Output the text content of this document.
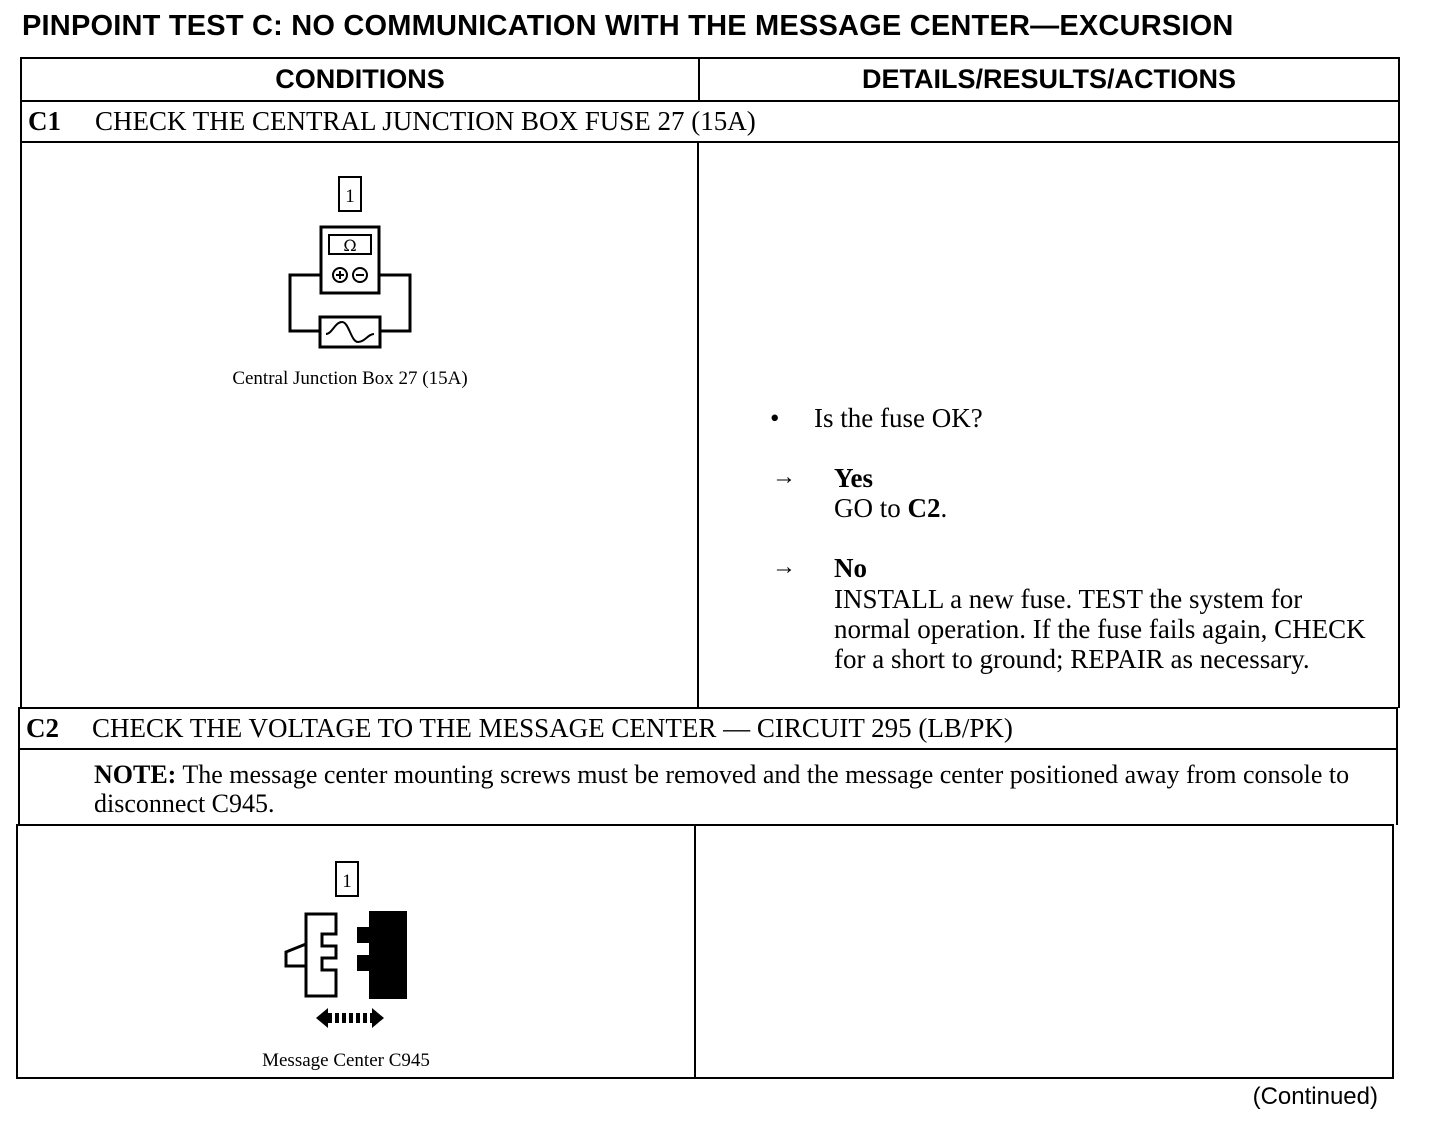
PINPOINT TEST C: NO COMMUNICATION WITH THE MESSAGE CENTER—EXCURSION
CONDITIONS	DETAILS/RESULTS/ACTIONS
C1	CHECK THE CENTRAL JUNCTION BOX FUSE 27 (15A)
1
Ω
Central Junction Box 27 (15A)
• Is the fuse OK?
→ Yes
GO to C2.
→ No
INSTALL a new fuse. TEST the system for normal operation. If the fuse fails again, CHECK for a short to ground; REPAIR as necessary.
C2	CHECK THE VOLTAGE TO THE MESSAGE CENTER — CIRCUIT 295 (LB/PK)
NOTE: The message center mounting screws must be removed and the message center positioned away from console to disconnect C945.
1
Message Center C945
(Continued)
